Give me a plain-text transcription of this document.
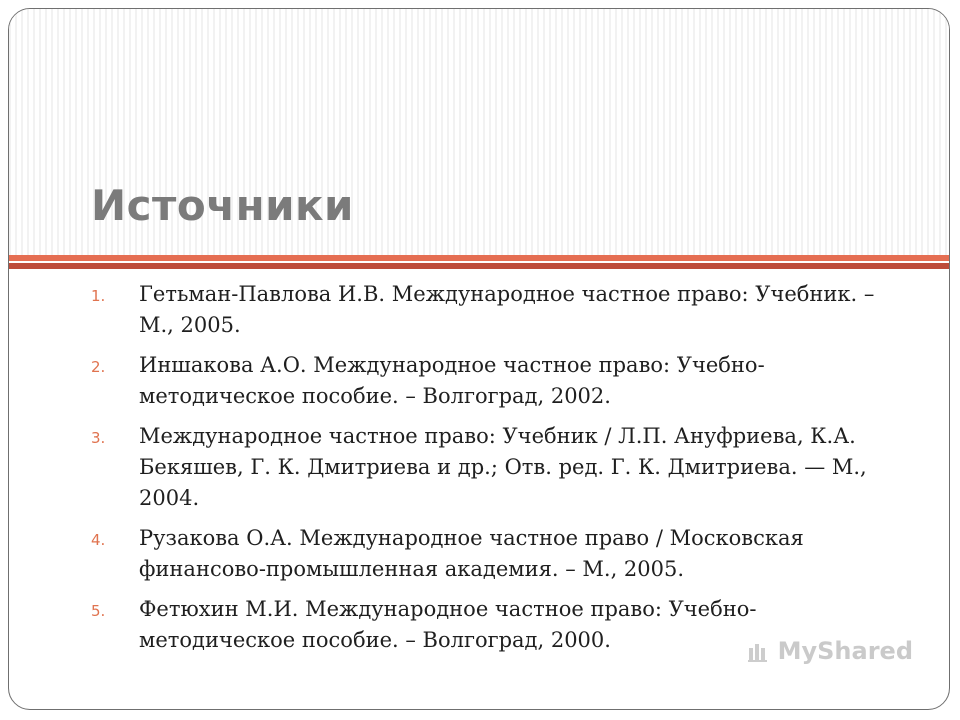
Источники
1.	Гетьман-Павлова И.В. Международное частное право: Учебник. – М., 2005.
2.	Иншакова А.О. Международное частное право: Учебно-методическое пособие. – Волгоград, 2002.
3.	Международное частное право: Учебник / Л.П. Ануфриева, К.А. Бекяшев, Г. К. Дмитриева и др.; Отв. ред. Г. К. Дмитриева. — М., 2004.
4.	Рузакова О.А. Международное частное право / Московская финансово-промышленная академия. – М., 2005.
5.	Фетюхин М.И. Международное частное право: Учебно-методическое пособие. – Волгоград, 2000.	MyShared
